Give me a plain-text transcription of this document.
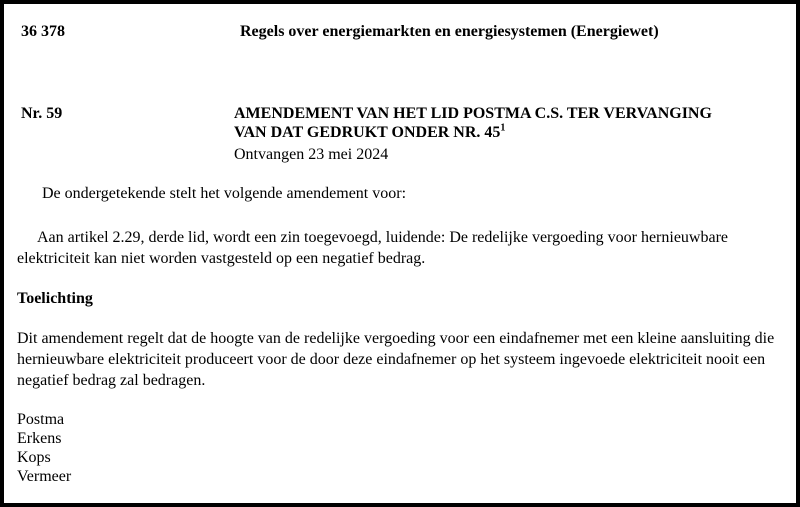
36 378	Regels over energiemarkten en energiesystemen (Energiewet)
Nr. 59	AMENDEMENT VAN HET LID POSTMA C.S. TER VERVANGING
VAN DAT GEDRUKT ONDER NR. $45^1$
Ontvangen 23 mei 2024
De ondergetekende stelt het volgende amendement voor:
Aan artikel 2.29, derde lid, wordt een zin toegevoegd, luidende: De redelijke vergoeding voor hernieuwbare elektriciteit kan niet worden vastgesteld op een negatief bedrag.
Toelichting
Dit amendement regelt dat de hoogte van de redelijke vergoeding voor een eindafnemer met een kleine aansluiting die hernieuwbare elektriciteit produceert voor de door deze eindafnemer op het systeem ingevoede elektriciteit nooit een negatief bedrag zal bedragen.
Postma
Erkens
Kops
Vermeer
